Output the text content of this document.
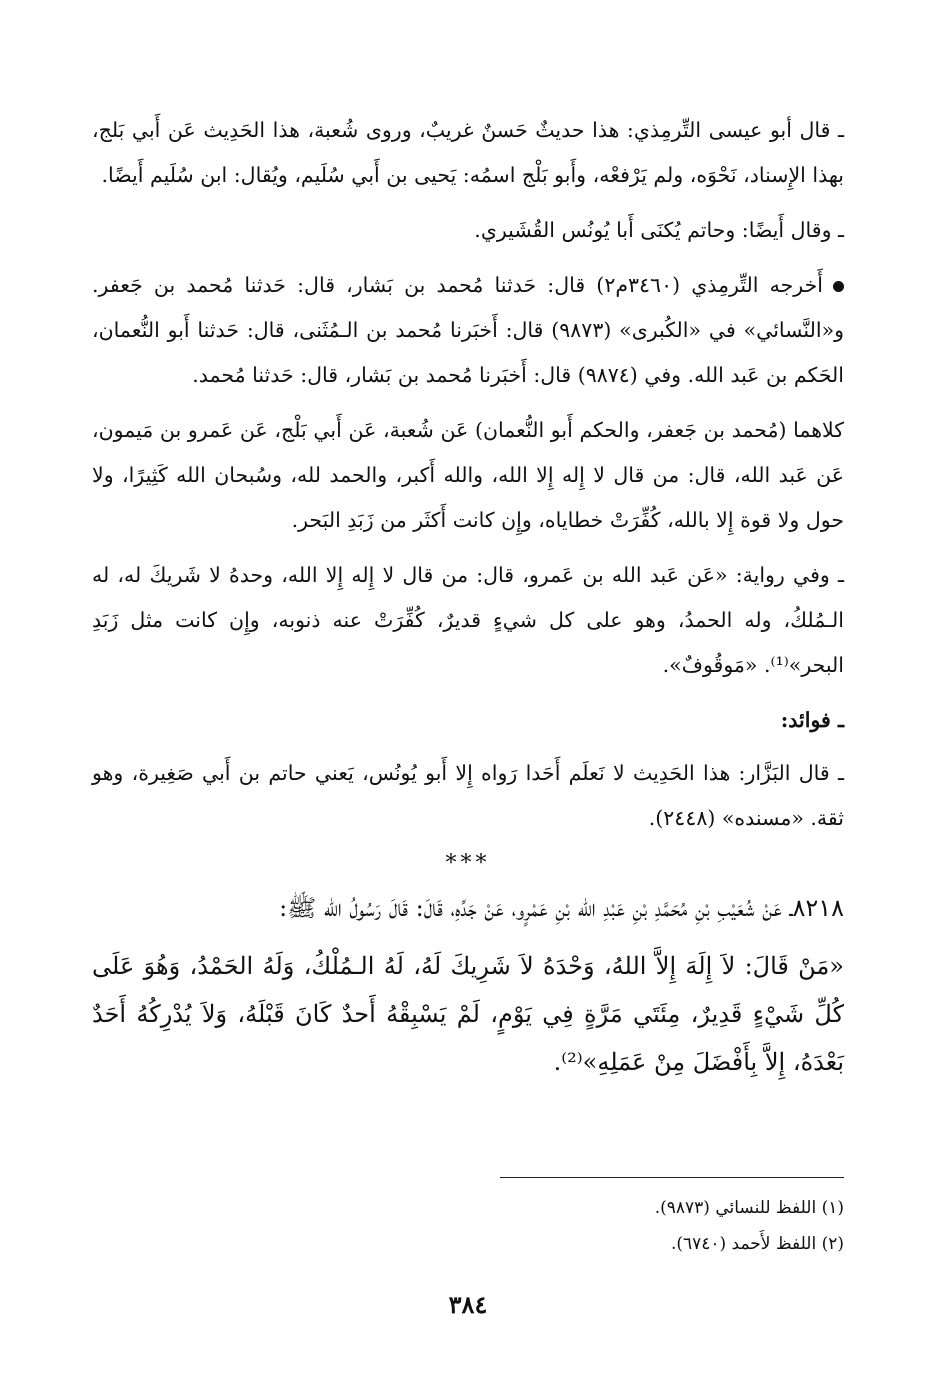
ـ قال أبو عيسى التِّرمِذي: هذا حديثٌ حَسنٌ غريبٌ، وروى شُعبة، هذا الحَدِيث عَن أَبي بَلج، بهذا الإِسناد، نَحْوَه، ولم يَرْفعْه، وأَبو بَلْج اسمُه: يَحيى بن أَبي سُلَيم، ويُقال: ابن سُلَيم أَيضًا.

ـ وقال أَيضًا: وحاتم يُكنَى أَبا يُونُس القُشَيري.

أَخرجه التِّرمِذي (٣٤٦٠م٢) قال: حَدثنا مُحمد بن بَشار، قال: حَدثنا مُحمد بن جَعفر. و«النَّسائي» في «الكُبرى» (٩٨٧٣) قال: أَخبَرنا مُحمد بن الـمُثَنى، قال: حَدثنا أَبو النُّعمان، الحَكم بن عَبد الله. وفي (٩٨٧٤) قال: أَخبَرنا مُحمد بن بَشار، قال: حَدثنا مُحمد.

كلاهما (مُحمد بن جَعفر، والحكم أَبو النُّعمان) عَن شُعبة، عَن أَبي بَلْج، عَن عَمرو بن مَيمون، عَن عَبد الله، قال: من قال لا إِله إِلا الله، والله أَكبر، والحمد لله، وسُبحان الله كَثِيرًا، ولا حول ولا قوة إِلا بالله، كُفِّرَتْ خطاياه، وإِن كانت أَكثَر من زَبَدِ البَحر.

ـ وفي رواية: «عَن عَبد الله بن عَمرو، قال: من قال لا إِله إِلا الله، وحدهُ لا شَريكَ له، له الـمُلكُ، وله الحمدُ، وهو على كل شيءٍ قديرٌ، كُفِّرَتْ عنه ذنوبه، وإِن كانت مثل زَبَدِ البحر»⁽¹⁾. «مَوقُوفٌ».

ـ فوائد:

ـ قال البَزَّار: هذا الحَدِيث لا نَعلَم أَحَدا رَواه إِلا أَبو يُونُس، يَعني حاتم بن أَبي صَغِيرة، وهو ثقة. «مسنده» (٢٤٤٨).

***

٨٢١٨ـ عَنْ شُعَيْبِ بْنِ مُحَمَّدِ بْنِ عَبْدِ الله بْنِ عَمْرٍو، عَنْ جَدِّهِ، قَالَ: قَالَ رَسُولُ الله ﷺ:

«مَنْ قَالَ: لاَ إِلَهَ إِلاَّ اللهُ، وَحْدَهُ لاَ شَرِيكَ لَهُ، لَهُ الـمُلْكُ، وَلَهُ الحَمْدُ، وَهُوَ عَلَى كُلِّ شَيْءٍ قَدِيرٌ، مِئَتَي مَرَّةٍ فِي يَوْمٍ، لَمْ يَسْبِقْهُ أَحدٌ كَانَ قَبْلَهُ، وَلاَ يُدْرِكُهُ أَحَدٌ بَعْدَهُ، إِلاَّ بِأَفْضَلَ مِنْ عَمَلِهِ»⁽²⁾.

(١) اللفظ للنسائي (٩٨٧٣).

(٢) اللفظ لأَحمد (٦٧٤٠).

٣٨٤
